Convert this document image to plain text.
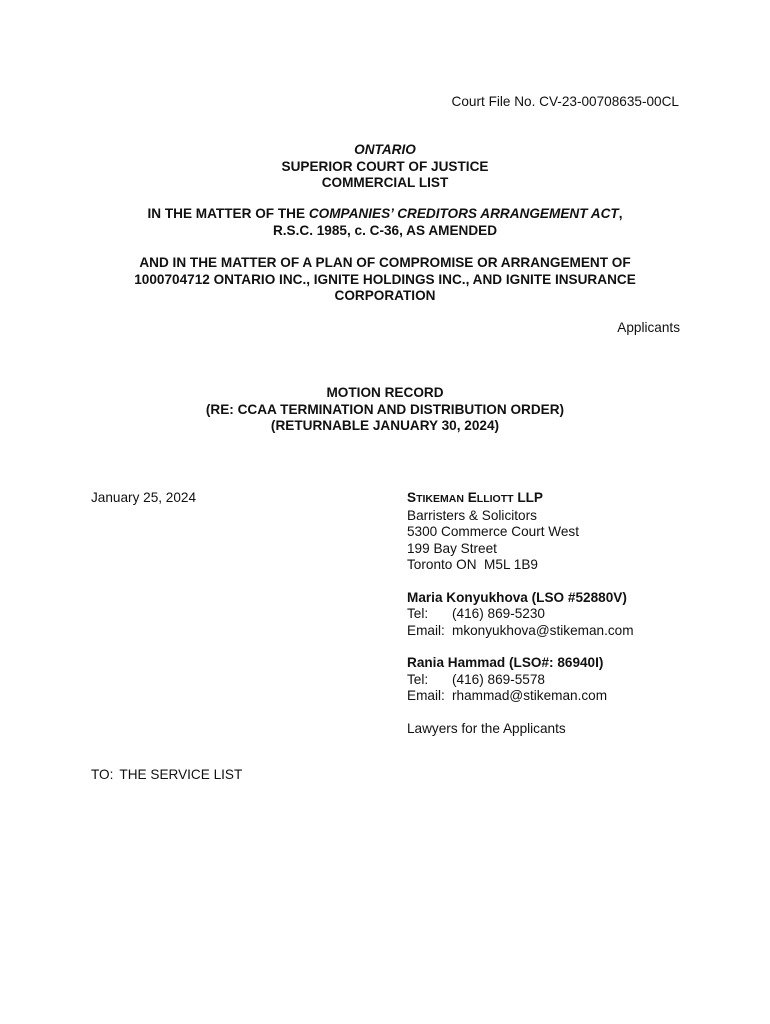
Court File No. CV-23-00708635-00CL
ONTARIO
SUPERIOR COURT OF JUSTICE
COMMERCIAL LIST
IN THE MATTER OF THE COMPANIES’ CREDITORS ARRANGEMENT ACT,
R.S.C. 1985, c. C-36, AS AMENDED
AND IN THE MATTER OF A PLAN OF COMPROMISE OR ARRANGEMENT OF
1000704712 ONTARIO INC., IGNITE HOLDINGS INC., AND IGNITE INSURANCE
CORPORATION
Applicants
MOTION RECORD
(RE: CCAA TERMINATION AND DISTRIBUTION ORDER)
(RETURNABLE JANUARY 30, 2024)
January 25, 2024	STIKEMAN ELLIOTT LLP
Barristers & Solicitors
5300 Commerce Court West
199 Bay Street
Toronto ON  M5L 1B9
Maria Konyukhova (LSO #52880V)
Tel: (416) 869-5230
Email: mkonyukhova@stikeman.com
Rania Hammad (LSO#: 86940I)
Tel: (416) 869-5578
Email: rhammad@stikeman.com
Lawyers for the Applicants
TO: THE SERVICE LIST
